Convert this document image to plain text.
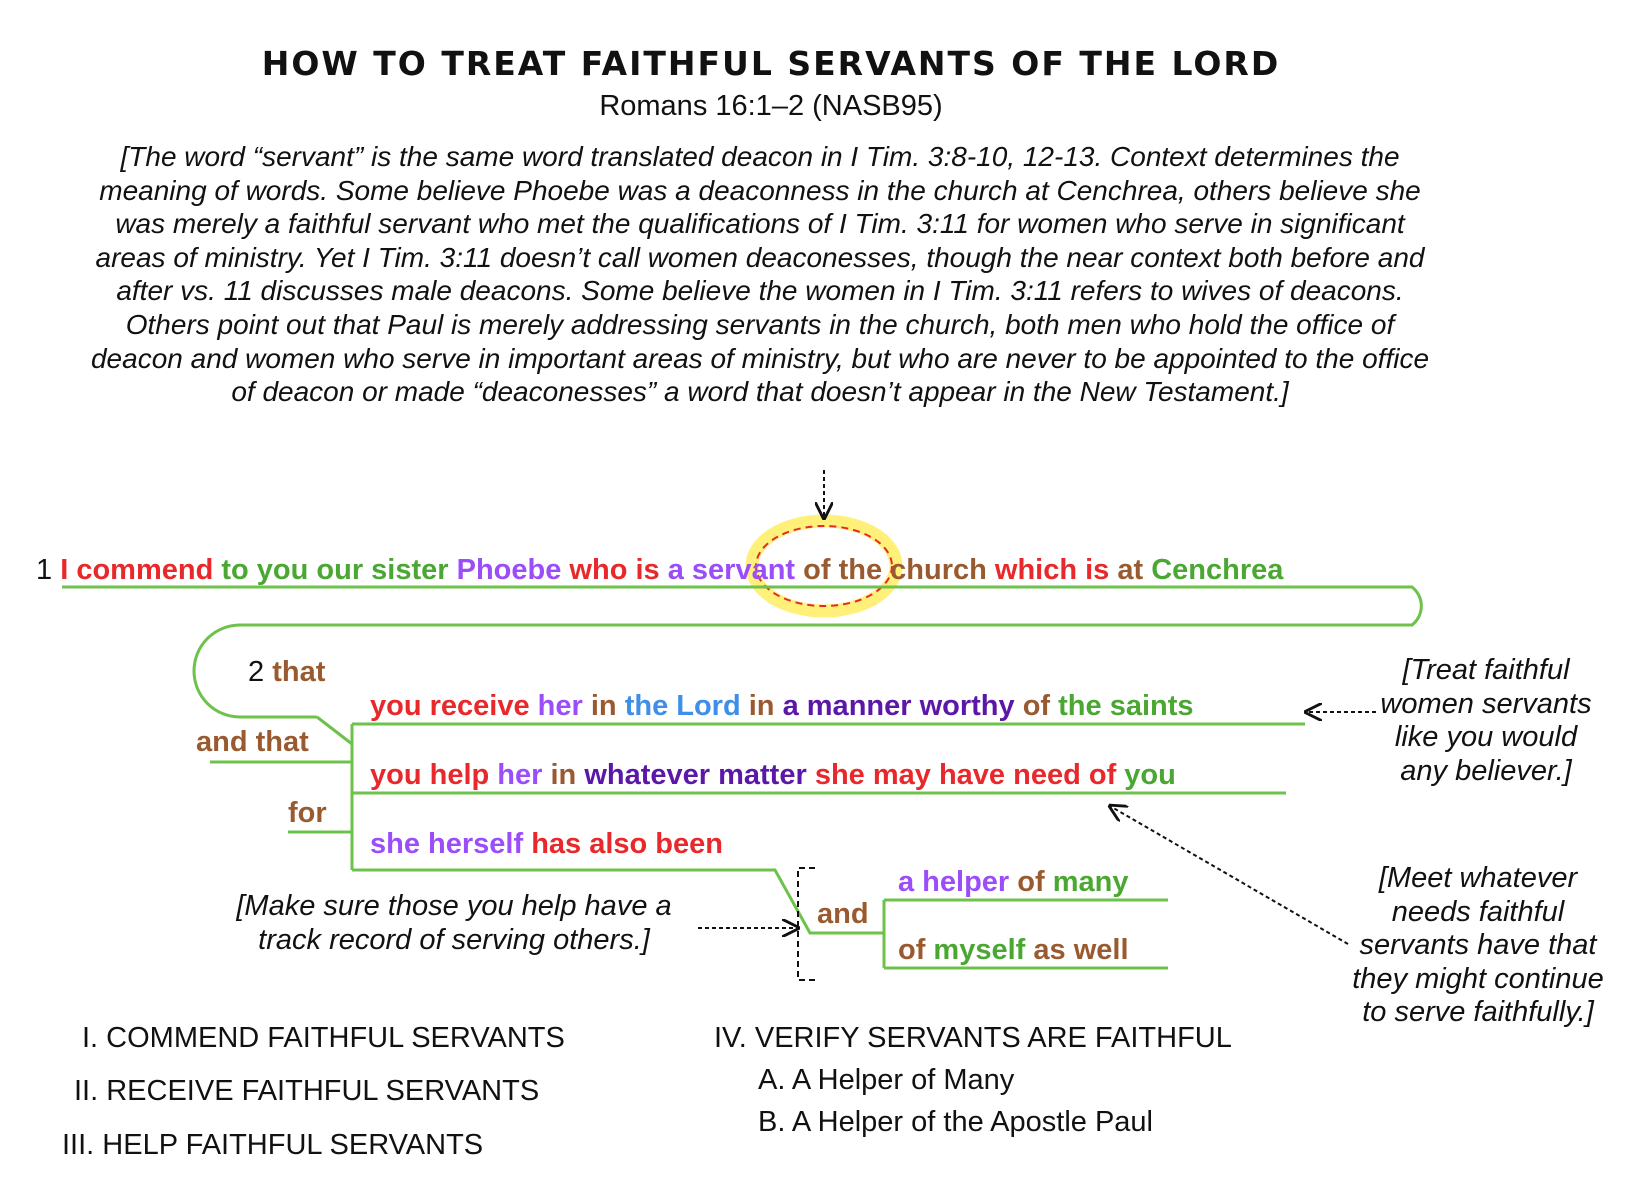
HOW TO TREAT FAITHFUL SERVANTS OF THE LORD
Romans 16:1–2 (NASB95)
[The word “servant” is the same word translated deacon in I Tim. 3:8-10, 12-13. Context determines the meaning of words. Some believe Phoebe was a deaconness in the church at Cenchrea, others believe she was merely a faithful servant who met the qualifications of I Tim. 3:11 for women who serve in significant areas of ministry. Yet I Tim. 3:11 doesn’t call women deaconesses, though the near context both before and after vs. 11 discusses male deacons. Some believe the women in I Tim. 3:11 refers to wives of deacons. Others point out that Paul is merely addressing servants in the church, both men who hold the office of deacon and women who serve in important areas of ministry, but who are never to be appointed to the office of deacon or made “deaconesses” a word that doesn’t appear in the New Testament.]
1 I commend to you our sister Phoebe who is a servant of the church which is at Cenchrea
2 that
you receive her in the Lord in a manner worthy of the saints
and that
you help her in whatever matter she may have need of you
for
she herself has also been
and
a helper of many
of myself as well
[Treat faithful women servants like you would any believer.]
[Meet whatever needs faithful servants have that they might continue to serve faithfully.]
[Make sure those you help have a track record of serving others.]
I. COMMEND FAITHFUL SERVANTS
II. RECEIVE FAITHFUL SERVANTS
III. HELP FAITHFUL SERVANTS
IV. VERIFY SERVANTS ARE FAITHFUL
A. A Helper of Many
B. A Helper of the Apostle Paul
